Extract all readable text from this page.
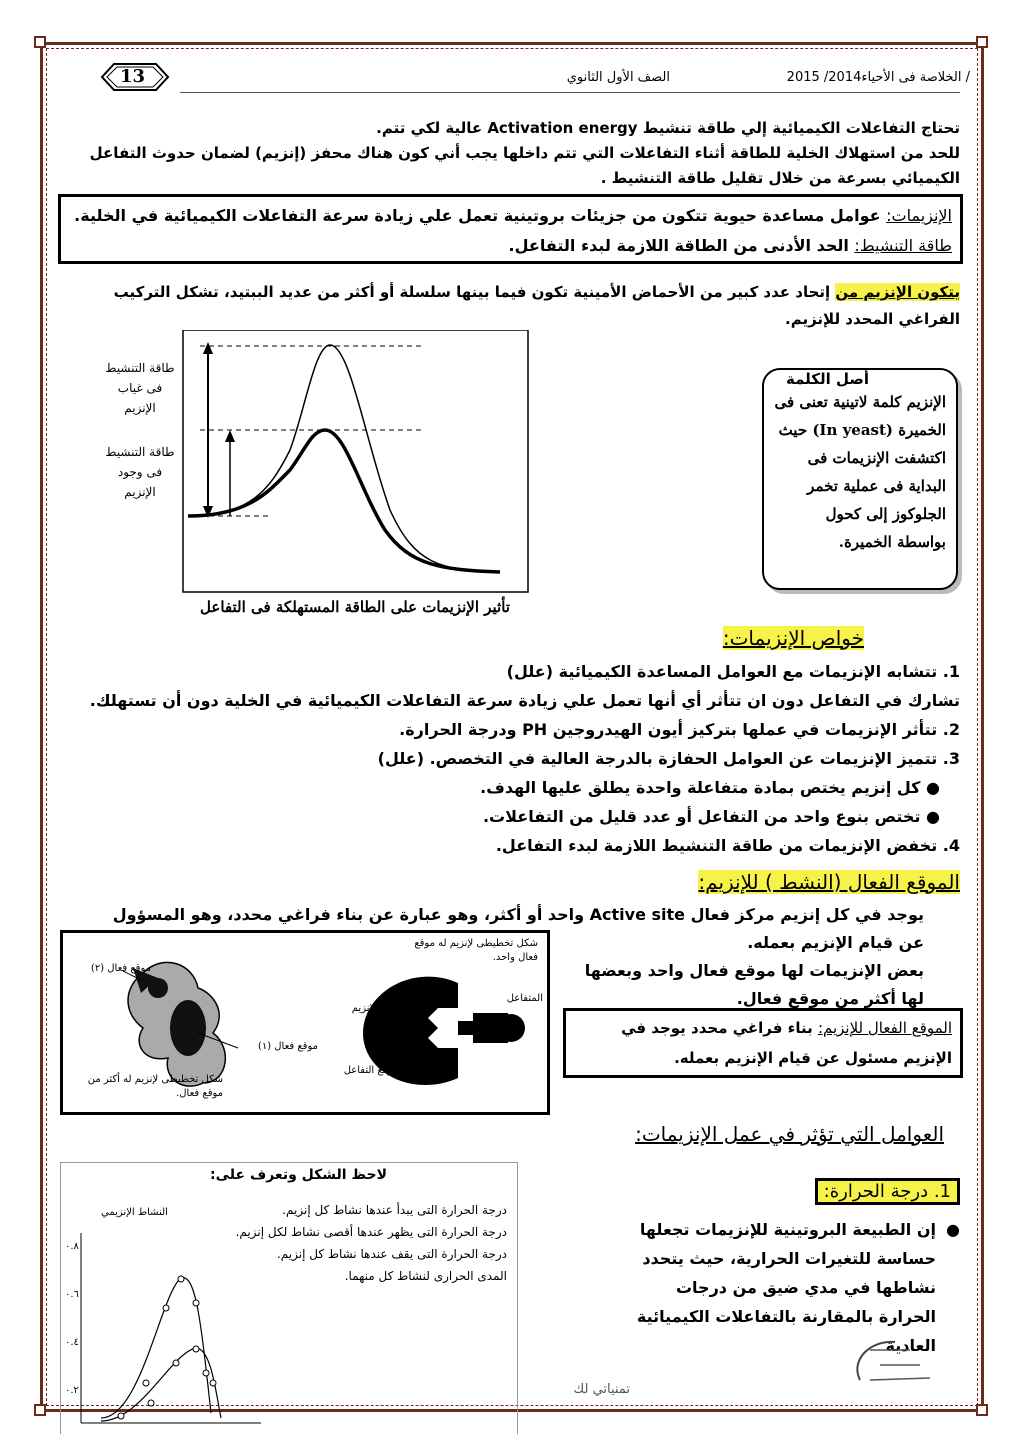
13	/ الخلاصة فى الأحياء2014/ 2015
الصف الأول الثانوي
تحتاج التفاعلات الكيميائية إلي طاقة تنشيط Activation energy عالية لكي تتم.
للحد من استهلاك الخلية للطاقة أثناء التفاعلات التي تتم داخلها يجب أني كون هناك محفز (إنزيم) لضمان حدوث التفاعل
الكيميائي بسرعة من خلال تقليل طاقة التنشيط .
الإنزيمات: عوامل مساعدة حيوية تتكون من جزيئات بروتينية تعمل علي زيادة سرعة التفاعلات الكيميائية في الخلية.
طاقة التنشيط: الحد الأدنى من الطاقة اللازمة لبدء التفاعل.
يتكون الإنزيم من إتحاد عدد كبير من الأحماض الأمينية تكون فيما بينها سلسلة أو أكثر من عديد الببتيد، تشكل التركيب
الفراغي المحدد للإنزيم.
طاقة التنشيط
فى غياب
الإنزيم
طاقة التنشيط
فى وجود
الإنزيم
تأثير الإنزيمات على الطاقة المستهلكة فى التفاعل
الإنزيم كلمة لاتينية تعنى فى الخميرة (In yeast) حيث اكتشفت الإنزيمات فى البداية فى عملية تخمر الجلوكوز إلى كحول بواسطة الخميرة.
أصل الكلمة
خواص الإنزيمات:
1. تتشابه الإنزيمات مع العوامل المساعدة الكيميائية (علل)
تشارك في التفاعل دون ان تتأثر أي أنها تعمل علي زيادة سرعة التفاعلات الكيميائية في الخلية دون أن تستهلك.
2. تتأثر الإنزيمات في عملها بتركيز أيون الهيدروجين PH ودرجة الحرارة.
3. تتميز الإنزيمات عن العوامل الحفازة بالدرجة العالية في التخصص. (علل)
● كل إنزيم يختص بمادة متفاعلة واحدة يطلق عليها الهدف.
● تختص بنوع واحد من التفاعل أو عدد قليل من التفاعلات.
4. تخفض الإنزيمات من طاقة التنشيط اللازمة لبدء التفاعل.
الموقع الفعال (النشط ) للإنزيم:
يوجد في كل إنزيم مركز فعال Active site واحد أو أكثر، وهو عبارة عن بناء فراغي محدد، وهو المسؤول
عن قيام الإنزيم بعمله.
بعض الإنزيمات لها موقع فعال واحد وبعضها
لها أكثر من موقع فعال.
الموقع الفعال للإنزيم: بناء فراغي محدد يوجد في الإنزيم مسئول عن قيام الإنزيم بعمله.
موقع فعال (٢)
موقع فعال (١)
شكل تخطيطى لإنزيم له أكثر من موقع فعال.
شكل تخطيطى لإنزيم له موقع فعال واحد.
الإنزيم
المتفاعل
موقع التفاعل
العوامل التي تؤثر في عمل الإنزيمات:
1. درجة الحرارة:
●
إن الطبيعة البروتينية للإنزيمات تجعلها حساسة للتغيرات الحرارية، حيث يتحدد نشاطها في مدي ضيق من درجات الحرارة بالمقارنة بالتفاعلات الكيميائية العادية
لاحظ الشكل وتعرف على:
درجة الحرارة التى يبدأ عندها نشاط كل إنزيم.
درجة الحرارة التى يظهر عندها أقصى نشاط لكل إنزيم.
درجة الحرارة التى يقف عندها نشاط كل إنزيم.
المدى الحرارى لنشاط كل منهما.
النشاط الإنزيمي
٠.٨
٠.٦
٠.٤
٠.٢	تمنياتي لك
